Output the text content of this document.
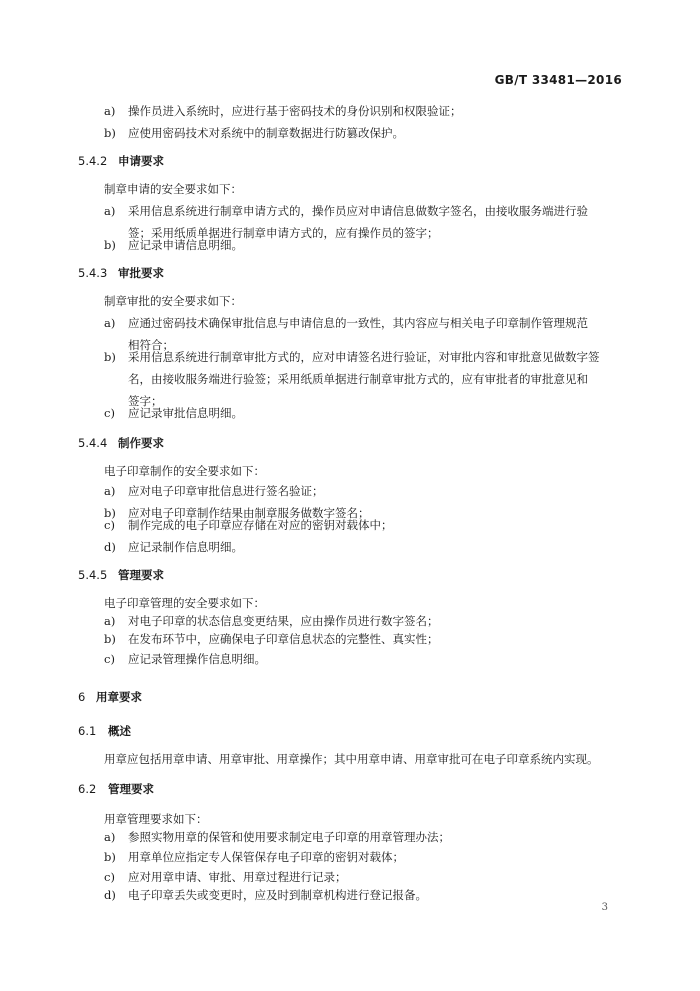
GB/T 33481—2016
a) 操作员进入系统时，应进行基于密码技术的身份识别和权限验证；
b) 应使用密码技术对系统中的制章数据进行防篡改保护。
5.4.2 申请要求
制章申请的安全要求如下：
a) 采用信息系统进行制章申请方式的，操作员应对申请信息做数字签名，由接收服务端进行验
签；采用纸质单据进行制章申请方式的，应有操作员的签字；
b) 应记录申请信息明细。
5.4.3 审批要求
制章审批的安全要求如下：
a) 应通过密码技术确保审批信息与申请信息的一致性，其内容应与相关电子印章制作管理规范
相符合；
b) 采用信息系统进行制章审批方式的，应对申请签名进行验证，对审批内容和审批意见做数字签
名，由接收服务端进行验签；采用纸质单据进行制章审批方式的，应有审批者的审批意见和
签字；
c) 应记录审批信息明细。
5.4.4 制作要求
电子印章制作的安全要求如下：
a) 应对电子印章审批信息进行签名验证；
b) 应对电子印章制作结果由制章服务做数字签名；
c) 制作完成的电子印章应存储在对应的密钥对载体中；
d) 应记录制作信息明细。
5.4.5 管理要求
电子印章管理的安全要求如下：
a) 对电子印章的状态信息变更结果，应由操作员进行数字签名；
b) 在发布环节中，应确保电子印章信息状态的完整性、真实性；
c) 应记录管理操作信息明细。
6 用章要求
6.1 概述
用章应包括用章申请、用章审批、用章操作；其中用章申请、用章审批可在电子印章系统内实现。
6.2 管理要求
用章管理要求如下：
a) 参照实物用章的保管和使用要求制定电子印章的用章管理办法；
b) 用章单位应指定专人保管保存电子印章的密钥对载体；
c) 应对用章申请、审批、用章过程进行记录；
d) 电子印章丢失或变更时，应及时到制章机构进行登记报备。
3
